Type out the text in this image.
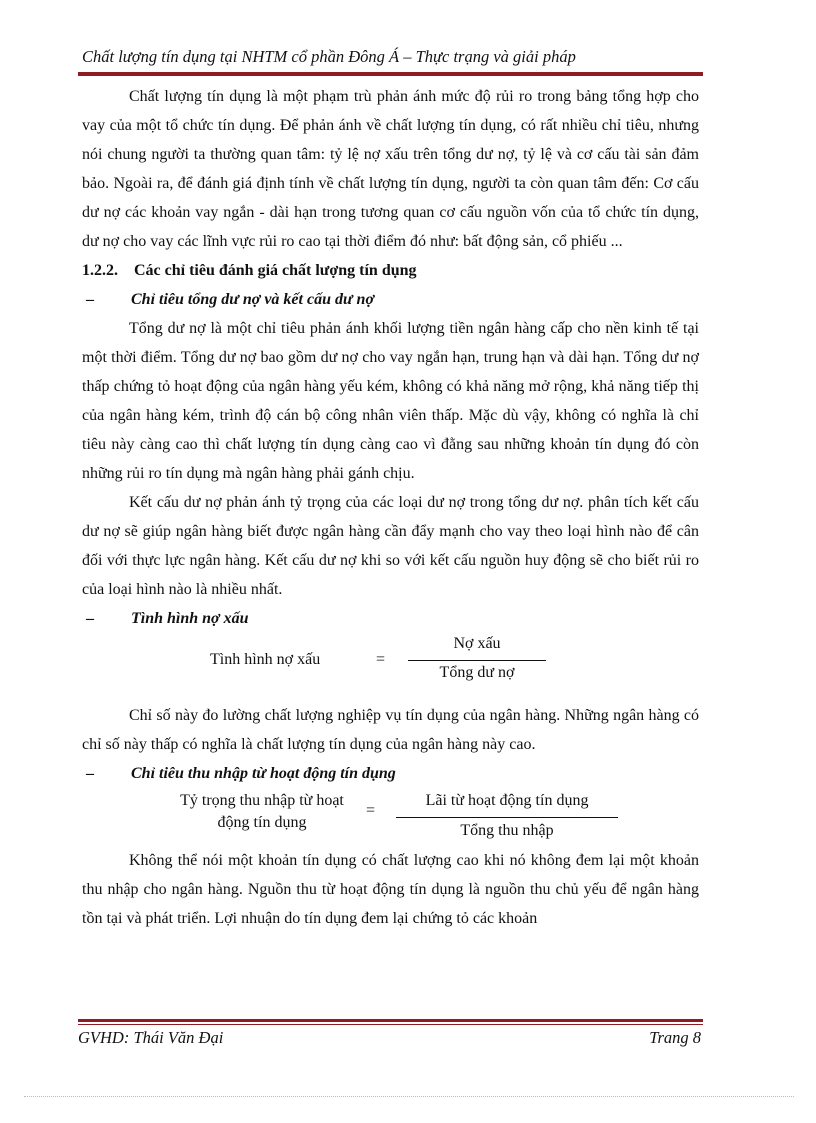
Chất lượng tín dụng tại NHTM cổ phần Đông Á – Thực trạng và giải pháp

Chất lượng tín dụng là một phạm trù phản ánh mức độ rủi ro trong bảng tổng hợp cho vay của một tổ chức tín dụng. Để phản ánh về chất lượng tín dụng, có rất nhiều chỉ tiêu, nhưng nói chung người ta thường quan tâm: tỷ lệ nợ xấu trên tổng dư nợ, tỷ lệ và cơ cấu tài sản đảm bảo. Ngoài ra, để đánh giá định tính về chất lượng tín dụng, người ta còn quan tâm đến: Cơ cấu dư nợ các khoản vay ngắn - dài hạn trong tương quan cơ cấu nguồn vốn của tổ chức tín dụng, dư nợ cho vay các lĩnh vực rủi ro cao tại thời điểm đó như: bất động sản, cổ phiếu ...

1.2.2. Các chỉ tiêu đánh giá chất lượng tín dụng

– Chỉ tiêu tổng dư nợ và kết cấu dư nợ

Tổng dư nợ là một chỉ tiêu phản ánh khối lượng tiền ngân hàng cấp cho nền kinh tế tại một thời điểm. Tổng dư nợ bao gồm dư nợ cho vay ngắn hạn, trung hạn và dài hạn. Tổng dư nợ thấp chứng tỏ hoạt động của ngân hàng yếu kém, không có khả năng mở rộng, khả năng tiếp thị của ngân hàng kém, trình độ cán bộ công nhân viên thấp. Mặc dù vậy, không có nghĩa là chỉ tiêu này càng cao thì chất lượng tín dụng càng cao vì đằng sau những khoản tín dụng đó còn những rủi ro tín dụng mà ngân hàng phải gánh chịu.

Kết cấu dư nợ phản ánh tỷ trọng của các loại dư nợ trong tổng dư nợ. phân tích kết cấu dư nợ sẽ giúp ngân hàng biết được ngân hàng cần đẩy mạnh cho vay theo loại hình nào để cân đối với thực lực ngân hàng. Kết cấu dư nợ khi so với kết cấu nguồn huy động sẽ cho biết rủi ro của loại hình nào là nhiều nhất.

– Tình hình nợ xấu

Tình hình nợ xấu	=
Nợ xấu
Tổng dư nợ

Chỉ số này đo lường chất lượng nghiệp vụ tín dụng của ngân hàng. Những ngân hàng có chỉ số này thấp có nghĩa là chất lượng tín dụng của ngân hàng này cao.

– Chỉ tiêu thu nhập từ hoạt động tín dụng

Tỷ trọng thu nhập từ hoạt
động tín dụng
=
Lãi từ hoạt động tín dụng
Tổng thu nhập

Không thể nói một khoản tín dụng có chất lượng cao khi nó không đem lại một khoản thu nhập cho ngân hàng. Nguồn thu từ hoạt động tín dụng là nguồn thu chủ yếu để ngân hàng tồn tại và phát triển. Lợi nhuận do tín dụng đem lại chứng tỏ các khoản

GVHD: Thái Văn Đại	Trang 8
